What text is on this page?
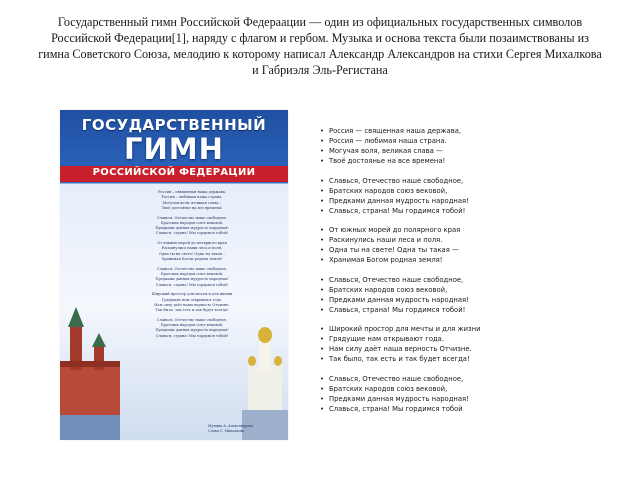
Государственный гимн Российской Федераации — один из официальных государственных символов Российской Федерации[1], наряду с флагом и гербом. Музыка и основа текста были позаимствованы из гимна Советского Союза, мелодию к которому написал Александр Александров на стихи Сергея Михалкова и Габриэля Эль-Регистана
ГОСУДАРСТВЕННЫЙ
ГИМН
РОССИЙСКОЙ ФЕДЕРАЦИИ
Россия – священная наша держава,
Россия – любимая наша страна.
Могучая воля, великая слава –
Твоё достоянье на все времена!
Славься, Отечество наше свободное,
Братских народов союз вековой,
Предками данная мудрость народная!
Славься, страна! Мы гордимся тобой!
От южных морей до полярного края
Раскинулись наши леса и поля.
Одна ты на свете! Одна ты такая –
Хранимая Богом родная земля!
Славься, Отечество наше свободное,
Братских народов союз вековой,
Предками данная мудрость народная!
Славься, страна! Мы гордимся тобой!
Широкий простор для мечты и для жизни
Грядущие нам открывают года.
Нам силу даёт наша верность Отчизне.
Так было, так есть и так будет всегда!
Славься, Отечество наше свободное,
Братских народов союз вековой,
Предками данная мудрость народная!
Славься, страна! Мы гордимся тобой!
Музыка А. Александрова
Слова С. Михалкова
• Россия — священная наша держава,
• Россия — любимая наша страна.
• Могучая воля, великая слава —
• Твоё достоянье на все времена!
• Славься, Отечество наше свободное,
• Братских народов союз вековой,
• Предками данная мудрость народная!
• Славься, страна! Мы гордимся тобой!
• От южных морей до полярного края
• Раскинулись наши леса и поля.
• Одна ты на свете! Одна ты такая —
• Хранимая Богом родная земля!
• Славься, Отечество наше свободное,
• Братских народов союз вековой,
• Предками данная мудрость народная!
• Славься, страна! Мы гордимся тобой!
• Широкий простор для мечты и для жизни
• Грядущие нам открывают года.
• Нам силу даёт наша верность Отчизне.
• Так было, так есть и так будет всегда!
• Славься, Отечество наше свободное,
• Братских народов союз вековой,
• Предками данная мудрость народная!
• Славься, страна! Мы гордимся тобой
